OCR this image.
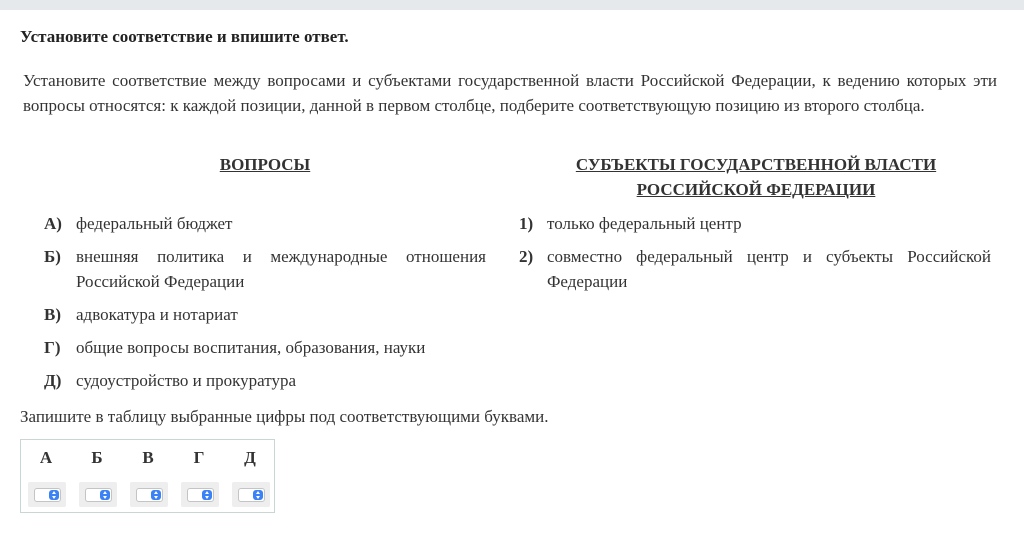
Установите соответствие и впишите ответ.
Установите соответствие между вопросами и субъектами государственной власти Российской Федерации, к ведению которых эти вопросы относятся: к каждой позиции, данной в первом столбце, подберите соответствующую позицию из второго столбца.
ВОПРОСЫ	СУБЪЕКТЫ ГОСУДАРСТВЕННОЙ ВЛАСТИ РОССИЙСКОЙ ФЕДЕРАЦИИ
А) федеральный бюджет
Б) внешняя политика и международные отношения Российской Федерации
В) адвокатура и нотариат
Г) общие вопросы воспитания, образования, науки
Д) судоустройство и прокуратура
1) только федеральный центр
2) совместно федеральный центр и субъекты Российской Федерации
Запишите в таблицу выбранные цифры под соответствующими буквами.
А	Б	В	Г	Д
